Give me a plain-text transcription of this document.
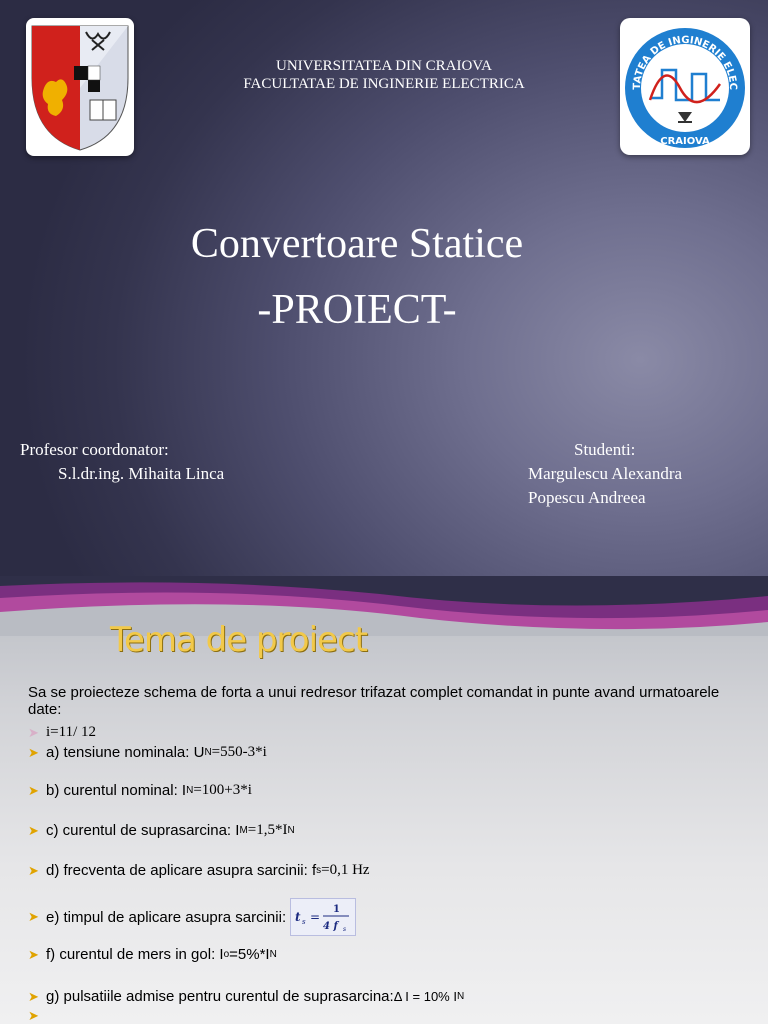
UNIVERSITATEA DIN CRAIOVA
FACULTATAE DE INGINERIE ELECTRICA	TATEA DE INGINERIE ELEC
CRAIOVA
Convertoare Statice
-PROIECT-
Profesor coordonator:
S.l.dr.ing. Mihaita Linca
Studenti:
Margulescu Alexandra
Popescu Andreea
Tema de proiect
Sa se proiecteze schema de forta a unui redresor trifazat complet comandat in punte avand urmatoarele date:
➤ i=11/ 12
➤ a) tensiune nominala: U N =550-3*i
➤ b) curentul nominal: I N =100+3*i
➤ c) curentul de suprasarcina: I M =1,5*I N
➤ d) frecventa de aplicare asupra sarcinii: f s =0,1 Hz
➤ e) timpul de aplicare asupra sarcinii: t s =
1
4 f s
➤ f) curentul de mers in gol: I o =5%*I N
➤ g) pulsatiile admise pentru curentul de suprasarcina: Δ I = 10% I N
➤
